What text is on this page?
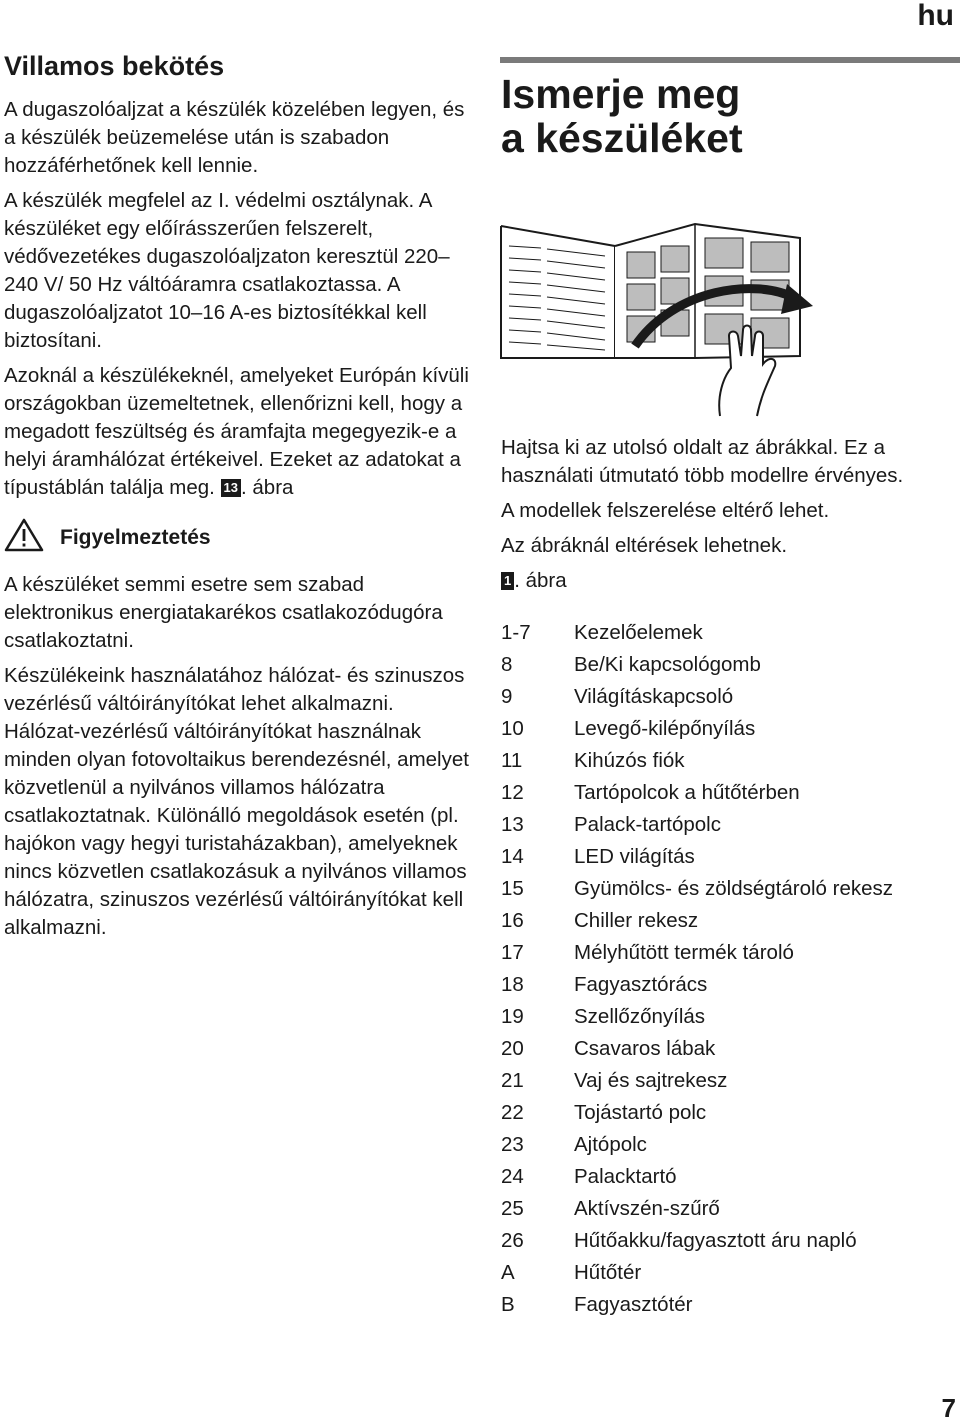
hu
Villamos bekötés

A dugaszolóaljzat a készülék közelében legyen, és a készülék beüzemelése után is szabadon hozzáférhetőnek kell lennie.

A készülék megfelel az I. védelmi osztálynak. A készüléket egy előírásszerűen felszerelt, védővezetékes dugaszolóaljzaton keresztül 220–240 V/ 50 Hz váltóáramra csatlakoztassa. A dugaszolóaljzatot 10–16 A-es biztosítékkal kell biztosítani.

Azoknál a készülékeknél, amelyeket Európán kívüli országokban üzemeltetnek, ellenőrizni kell, hogy a megadott feszültség és áramfajta megegyezik-e a helyi áramhálózat értékeivel. Ezeket az adatokat a típustáblán találja meg. 13 . ábra

Figyelmeztetés

A készüléket semmi esetre sem szabad elektronikus energiatakarékos csatlakozódugóra csatlakoztatni.

Készülékeink használatához hálózat- és szinuszos vezérlésű váltóirányítókat lehet alkalmazni. Hálózat-vezérlésű váltóirányítókat használnak minden olyan fotovoltaikus berendezésnél, amelyet közvetlenül a nyilvános villamos hálózatra csatlakoztatnak. Különálló megoldások esetén (pl. hajókon vagy hegyi turistaházakban), amelyeknek nincs közvetlen csatlakozásuk a nyilvános villamos hálózatra, szinuszos vezérlésű váltóirányítókat kell alkalmazni.

Ismerje meg
a készüléket

Hajtsa ki az utolsó oldalt az ábrákkal. Ez a használati útmutató több modellre érvényes.

A modellek felszerelése eltérő lehet.

Az ábráknál eltérések lehetnek.

1 . ábra

1-7	Kezelőelemek
8	Be/Ki kapcsológomb
9	Világításkapcsoló
10	Levegő-kilépőnyílás
11	Kihúzós fiók
12	Tartópolcok a hűtőtérben
13	Palack-tartópolc
14	LED világítás
15	Gyümölcs- és zöldségtároló rekesz
16	Chiller rekesz
17	Mélyhűtött termék tároló
18	Fagyasztórács
19	Szellőzőnyílás
20	Csavaros lábak
21	Vaj és sajtrekesz
22	Tojástartó polc
23	Ajtópolc
24	Palacktartó
25	Aktívszén-szűrő
26	Hűtőakku/fagyasztott áru napló
A	Hűtőtér
B	Fagyasztótér
7
